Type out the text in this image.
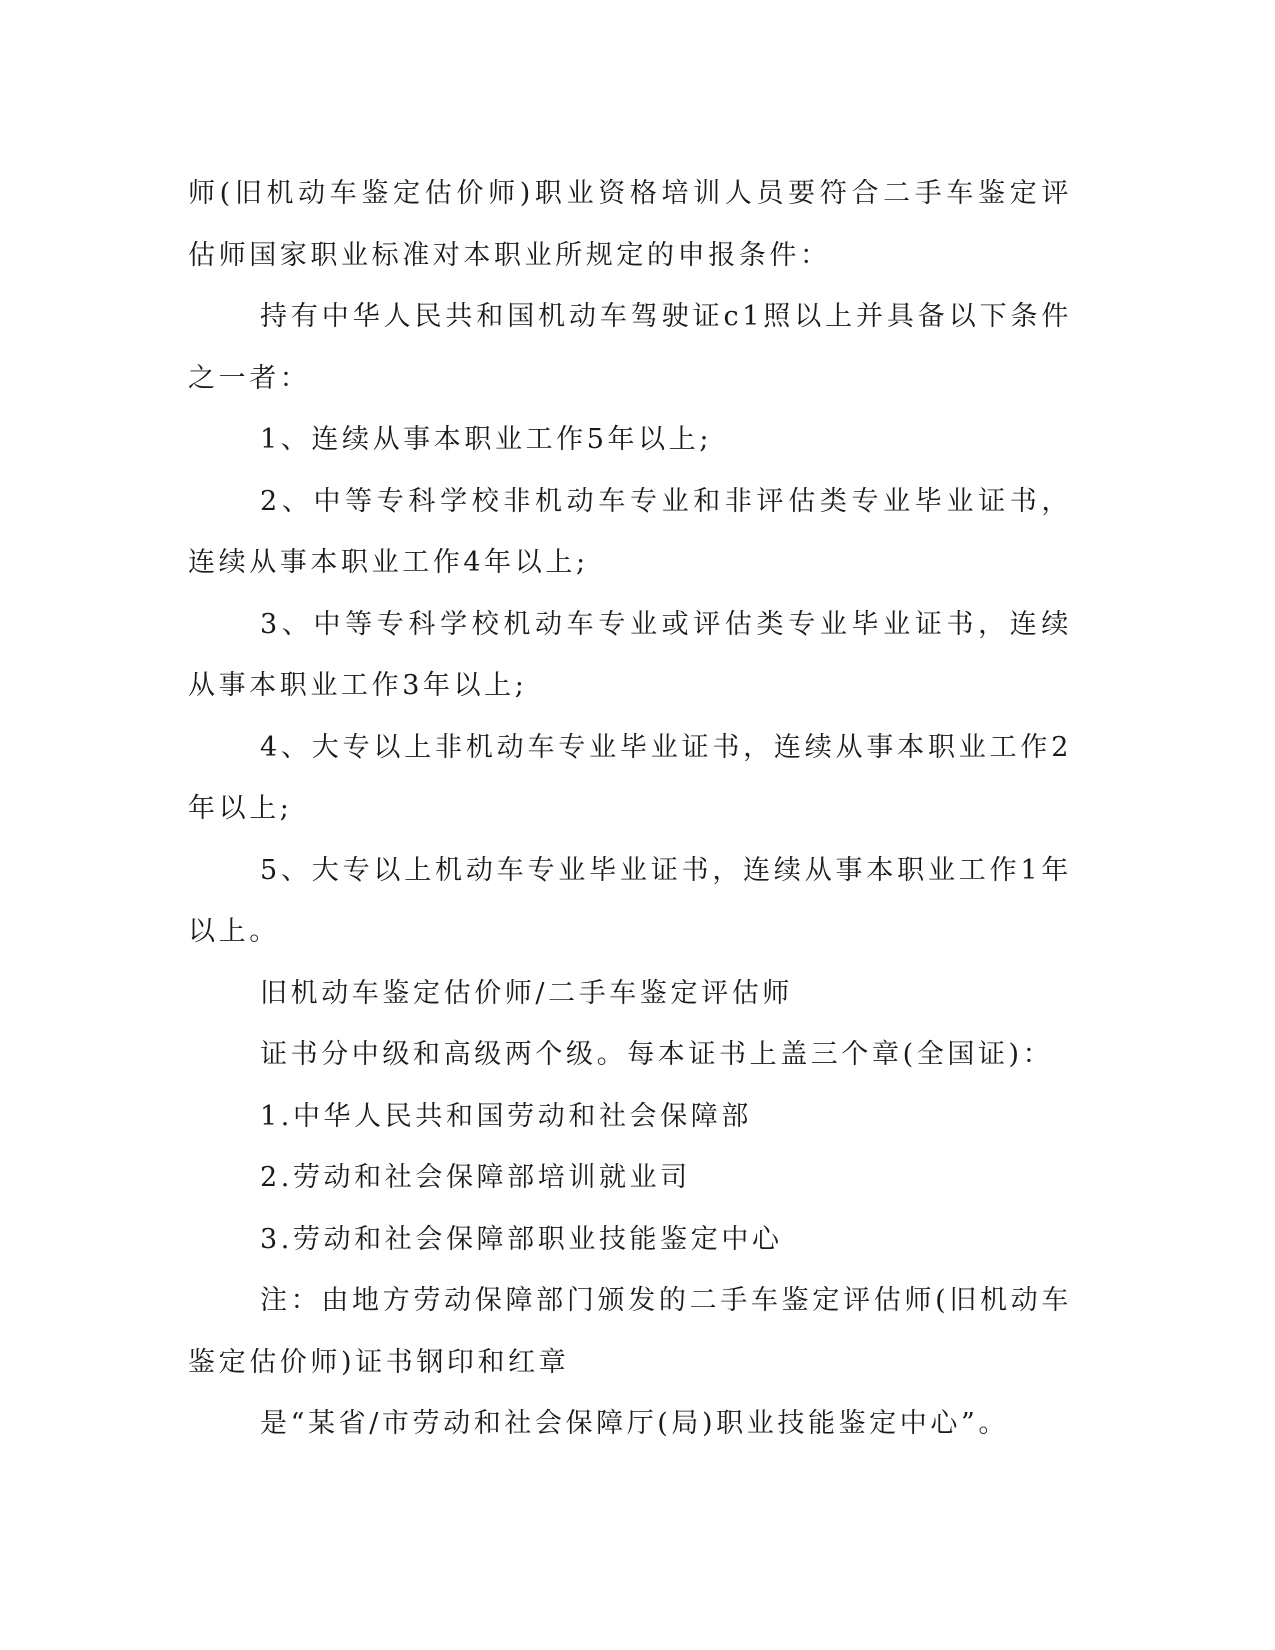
师(旧机动车鉴定估价师)职业资格培训人员要符合二手车鉴定评估师国家职业标准对本职业所规定的申报条件：

持有中华人民共和国机动车驾驶证c1照以上并具备以下条件之一者：

1、连续从事本职业工作5年以上;

2、中等专科学校非机动车专业和非评估类专业毕业证书，连续从事本职业工作4年以上;

3、中等专科学校机动车专业或评估类专业毕业证书，连续从事本职业工作3年以上;

4、大专以上非机动车专业毕业证书，连续从事本职业工作2年以上;

5、大专以上机动车专业毕业证书，连续从事本职业工作1年以上。

旧机动车鉴定估价师/二手车鉴定评估师

证书分中级和高级两个级。每本证书上盖三个章(全国证)：

1.中华人民共和国劳动和社会保障部

2.劳动和社会保障部培训就业司

3.劳动和社会保障部职业技能鉴定中心

注：由地方劳动保障部门颁发的二手车鉴定评估师(旧机动车鉴定估价师)证书钢印和红章

是“某省/市劳动和社会保障厅(局)职业技能鉴定中心”。
